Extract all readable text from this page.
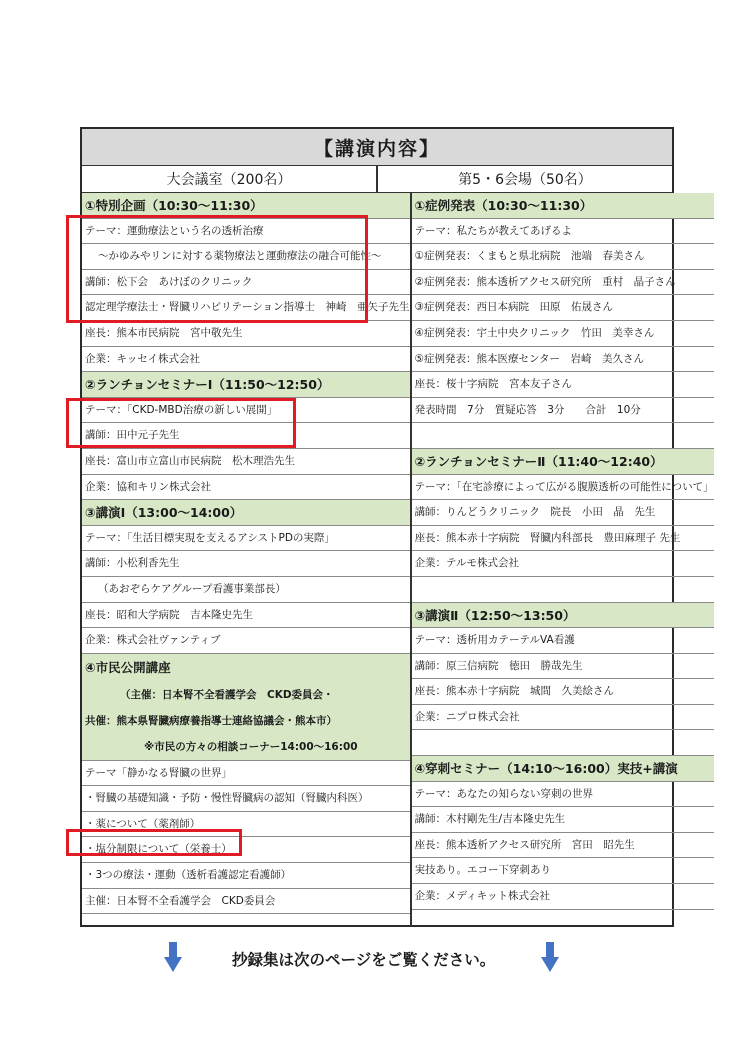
【講演内容】
大会議室（200名）	第5・6会場（50名）
①特別企画（10:30〜11:30）
テーマ：運動療法という名の透析治療
〜かゆみやリンに対する薬物療法と運動療法の融合可能性〜
講師：松下会　あけぼのクリニック
認定理学療法士・腎臓リハビリテーション指導士　神崎　亜矢子先生
座長：熊本市民病院　宮中敬先生
企業：キッセイ株式会社
②ランチョンセミナーⅠ（11:50〜12:50）
テーマ：「CKD-MBD治療の新しい展開」
講師：田中元子先生
座長：富山市立富山市民病院　松木理浩先生
企業：協和キリン株式会社
③講演Ⅰ（13:00〜14:00）
テーマ：「生活目標実現を支えるアシストPDの実際」
講師：小松利香先生
（あおぞらケアグループ看護事業部長）
座長：昭和大学病院　吉本隆史先生
企業：株式会社ヴァンティブ
④市民公開講座
（主催：日本腎不全看護学会　CKD委員会・
共催：熊本県腎臓病療養指導士連絡協議会・熊本市）
※市民の方々の相談コーナー14:00〜16:00
テーマ「静かなる腎臓の世界」
・腎臓の基礎知識・予防・慢性腎臓病の認知（腎臓内科医）
・薬について（薬剤師）
・塩分制限について（栄養士）
・3つの療法・運動（透析看護認定看護師）
主催：日本腎不全看護学会　CKD委員会
①症例発表（10:30〜11:30）
テーマ：私たちが教えてあげるよ
①症例発表：くまもと県北病院　池端　春美さん
②症例発表：熊本透析アクセス研究所　重村　晶子さん
③症例発表：西日本病院　田原　佑晟さん
④症例発表：宇土中央クリニック　竹田　美幸さん
⑤症例発表：熊本医療センター　岩崎　美久さん
座長：桜十字病院　宮本友子さん
発表時間　7分　質疑応答　3分　　合計　10分
②ランチョンセミナーⅡ（11:40〜12:40）
テーマ：「在宅診療によって広がる腹膜透析の可能性について」
講師：りんどうクリニック　院長　小田　晶　先生
座長：熊本赤十字病院　腎臓内科部長　豊田麻理子 先生
企業：テルモ株式会社
③講演Ⅱ（12:50〜13:50）
テーマ：透析用カテーテルVA看護
講師：原三信病院　徳田　勝哉先生
座長：熊本赤十字病院　城間　久美絵さん
企業：ニプロ株式会社
④穿刺セミナー（14:10〜16:00）実技+講演
テーマ：あなたの知らない穿刺の世界
講師：木村剛先生/吉本隆史先生
座長：熊本透析アクセス研究所　宮田　昭先生
実技あり。エコー下穿刺あり
企業：メディキット株式会社
抄録集は次のページをご覧ください。
